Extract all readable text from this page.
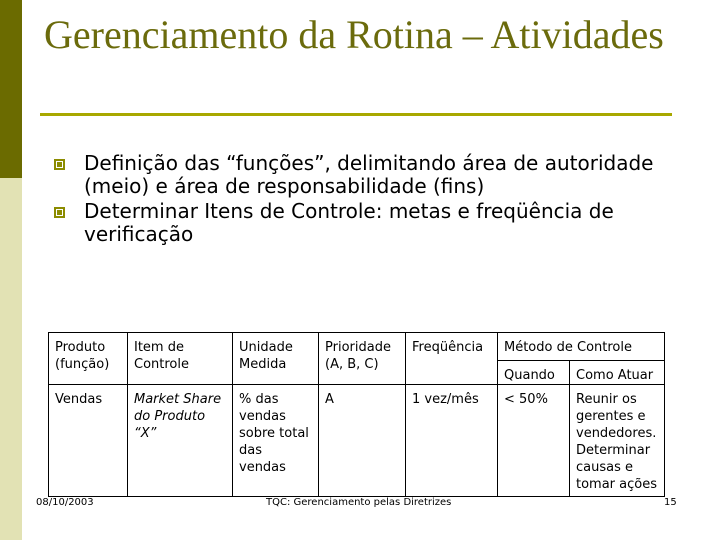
Gerenciamento da Rotina – Atividades
Definição das “funções”, delimitando área de autoridade (meio) e área de responsabilidade (fins)
Determinar Itens de Controle: metas e freqüência de verificação
Produto (função)	Item de Controle	Unidade Medida	Prioridade (A, B, C)	Freqüência	Método de Controle	
					Quando	Como Atuar
Vendas	Market Share do Produto “X”	% das vendas sobre total das vendas	A	1 vez/mês	< 50%	Reunir os gerentes e vendedores. Determinar causas e tomar ações
08/10/2003	TQC: Gerenciamento pelas Diretrizes	15
